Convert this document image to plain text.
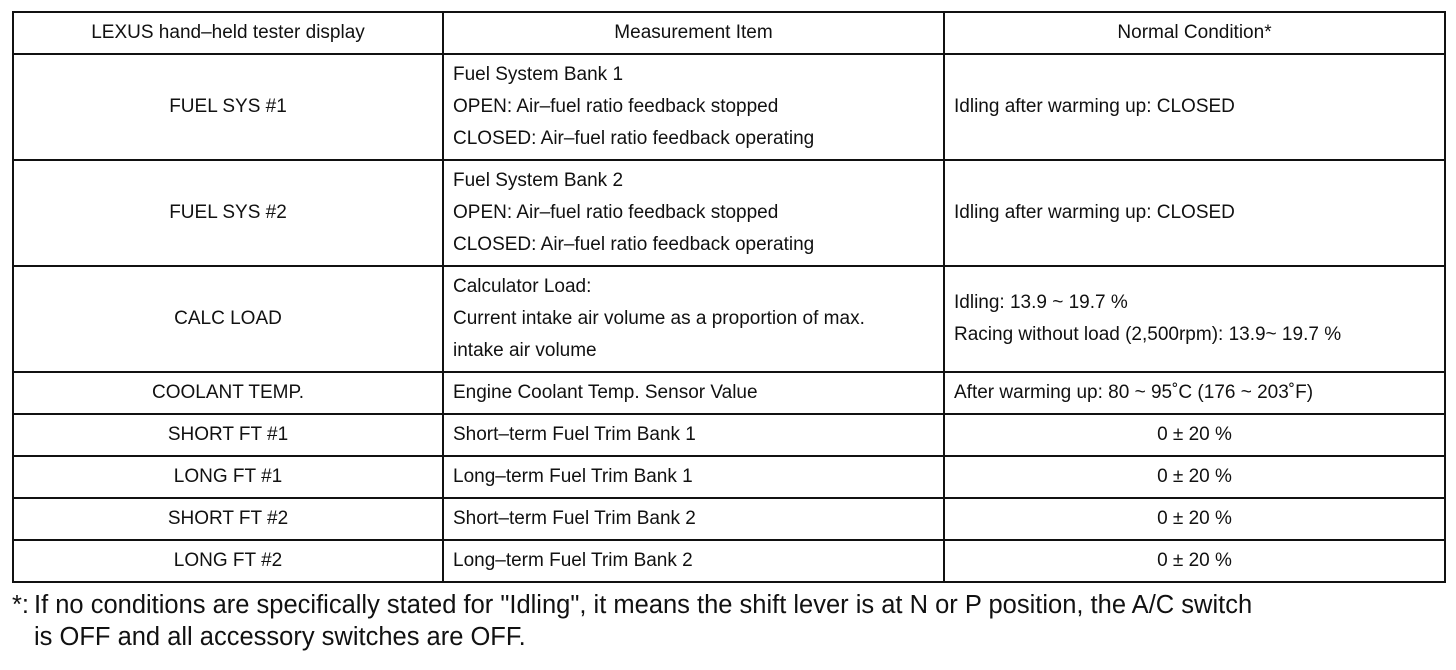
LEXUS hand–held tester display	Measurement Item	Normal Condition*
FUEL SYS #1	Fuel System Bank 1
OPEN: Air–fuel ratio feedback stopped
CLOSED: Air–fuel ratio feedback operating	Idling after warming up: CLOSED

FUEL SYS #2	Fuel System Bank 2
OPEN: Air–fuel ratio feedback stopped
CLOSED: Air–fuel ratio feedback operating	Idling after warming up: CLOSED

CALC LOAD	Calculator Load:
Current intake air volume as a proportion of max.
intake air volume	Idling: 13.9 ~ 19.7 %
Racing without load (2,500rpm): 13.9~ 19.7 %

COOLANT TEMP.	Engine Coolant Temp. Sensor Value	After warming up: 80 ~ 95˚C (176 ~ 203˚F)
SHORT FT #1	Short–term Fuel Trim Bank 1	0 ± 20 %
LONG FT #1	Long–term Fuel Trim Bank 1	0 ± 20 %
SHORT FT #2	Short–term Fuel Trim Bank 2	0 ± 20 %
LONG FT #2	Long–term Fuel Trim Bank 2	0 ± 20 %
*: If no conditions are specifically stated for "Idling", it means the shift lever is at N or P position, the A/C switch
is OFF and all accessory switches are OFF.
